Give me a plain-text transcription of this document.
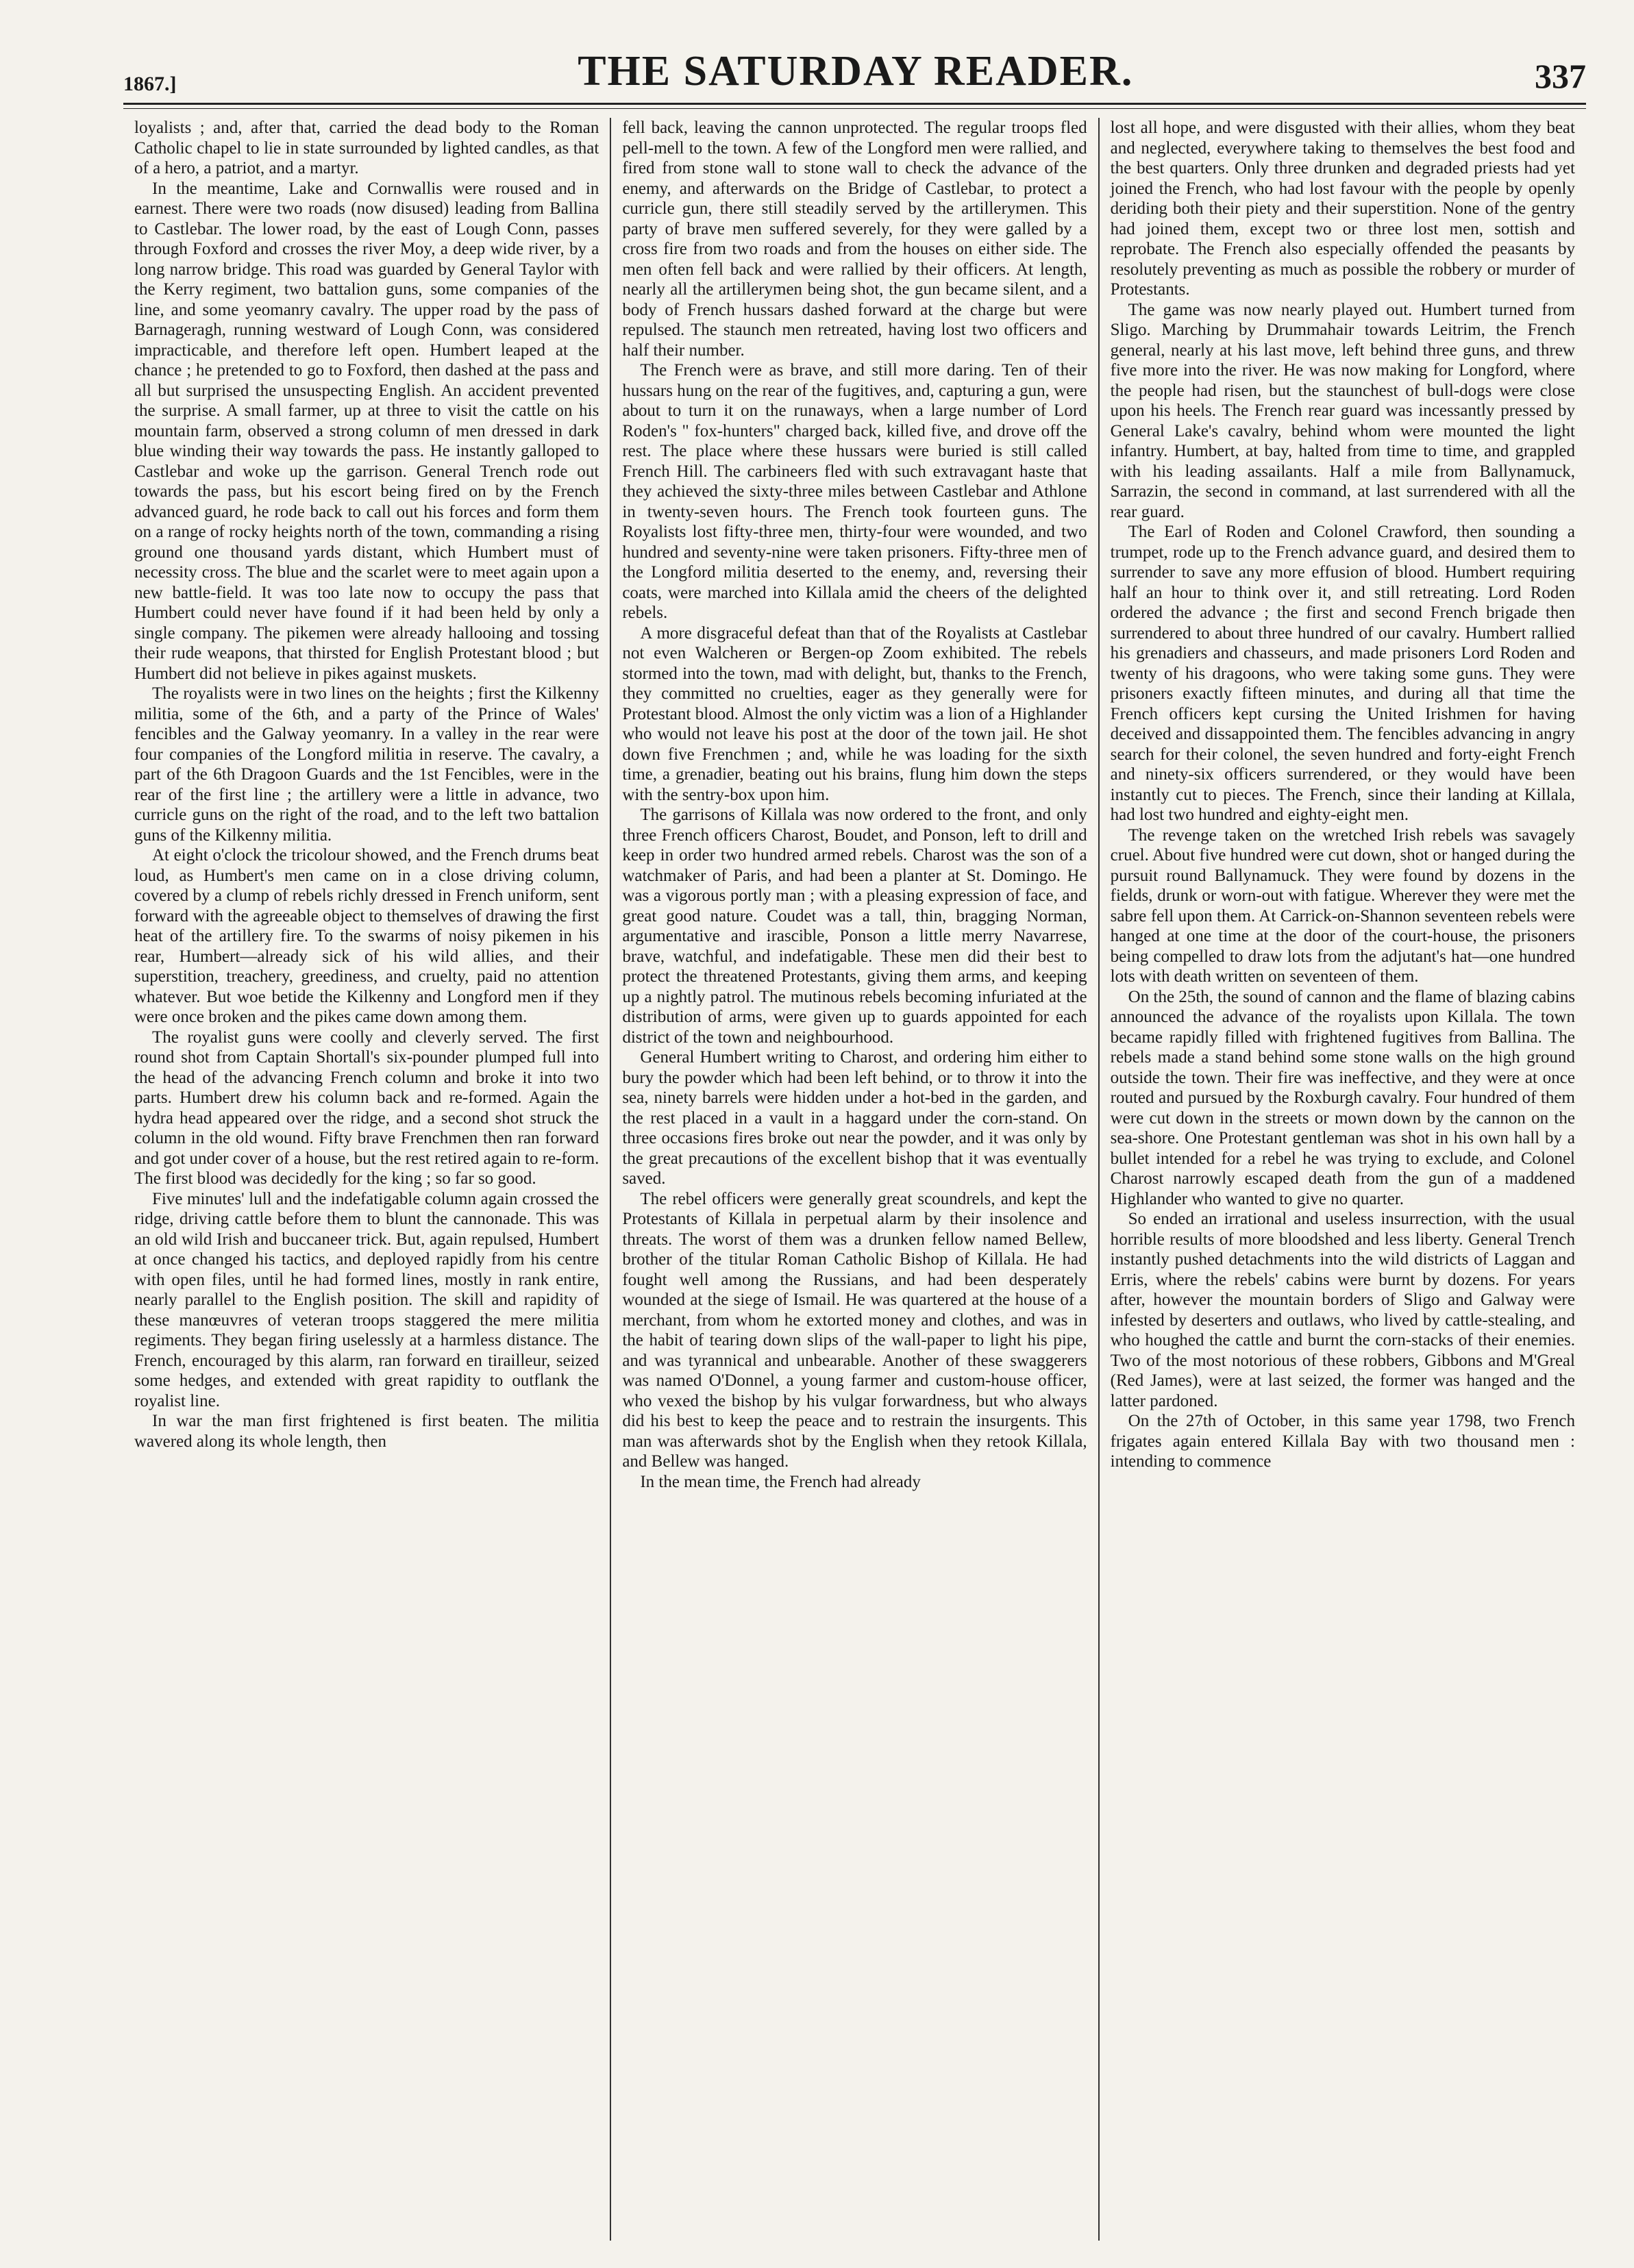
1867.]	THE SATURDAY READER.	337

loyalists ; and, after that, carried the dead body to the Roman Catholic chapel to lie in state surrounded by lighted candles, as that of a hero, a patriot, and a martyr.

In the meantime, Lake and Cornwallis were roused and in earnest. There were two roads (now disused) leading from Ballina to Castlebar. The lower road, by the east of Lough Conn, passes through Foxford and crosses the river Moy, a deep wide river, by a long narrow bridge. This road was guarded by General Taylor with the Kerry regiment, two battalion guns, some companies of the line, and some yeomanry cavalry. The upper road by the pass of Barnageragh, running westward of Lough Conn, was considered impracticable, and therefore left open. Humbert leaped at the chance ; he pretended to go to Foxford, then dashed at the pass and all but surprised the unsuspecting English. An accident prevented the surprise. A small farmer, up at three to visit the cattle on his mountain farm, observed a strong column of men dressed in dark blue winding their way towards the pass. He instantly galloped to Castlebar and woke up the garrison. General Trench rode out towards the pass, but his escort being fired on by the French advanced guard, he rode back to call out his forces and form them on a range of rocky heights north of the town, commanding a rising ground one thousand yards distant, which Humbert must of necessity cross. The blue and the scarlet were to meet again upon a new battle-field. It was too late now to occupy the pass that Humbert could never have found if it had been held by only a single company. The pikemen were already hallooing and tossing their rude weapons, that thirsted for English Protestant blood ; but Humbert did not believe in pikes against muskets.

The royalists were in two lines on the heights ; first the Kilkenny militia, some of the 6th, and a party of the Prince of Wales' fencibles and the Galway yeomanry. In a valley in the rear were four companies of the Longford militia in reserve. The cavalry, a part of the 6th Dragoon Guards and the 1st Fencibles, were in the rear of the first line ; the artillery were a little in advance, two curricle guns on the right of the road, and to the left two battalion guns of the Kilkenny militia.

At eight o'clock the tricolour showed, and the French drums beat loud, as Humbert's men came on in a close driving column, covered by a clump of rebels richly dressed in French uniform, sent forward with the agreeable object to themselves of drawing the first heat of the artillery fire. To the swarms of noisy pikemen in his rear, Humbert—already sick of his wild allies, and their superstition, treachery, greediness, and cruelty, paid no attention whatever. But woe betide the Kilkenny and Longford men if they were once broken and the pikes came down among them.

The royalist guns were coolly and cleverly served. The first round shot from Captain Shortall's six-pounder plumped full into the head of the advancing French column and broke it into two parts. Humbert drew his column back and re-formed. Again the hydra head appeared over the ridge, and a second shot struck the column in the old wound. Fifty brave Frenchmen then ran forward and got under cover of a house, but the rest retired again to re-form. The first blood was decidedly for the king ; so far so good.

Five minutes' lull and the indefatigable column again crossed the ridge, driving cattle before them to blunt the cannonade. This was an old wild Irish and buccaneer trick. But, again repulsed, Humbert at once changed his tactics, and deployed rapidly from his centre with open files, until he had formed lines, mostly in rank entire, nearly parallel to the English position. The skill and rapidity of these manœuvres of veteran troops staggered the mere militia regiments. They began firing uselessly at a harmless distance. The French, encouraged by this alarm, ran forward en tirailleur, seized some hedges, and extended with great rapidity to outflank the royalist line.

In war the man first frightened is first beaten. The militia wavered along its whole length, then

fell back, leaving the cannon unprotected. The regular troops fled pell-mell to the town. A few of the Longford men were rallied, and fired from stone wall to stone wall to check the advance of the enemy, and afterwards on the Bridge of Castlebar, to protect a curricle gun, there still steadily served by the artillerymen. This party of brave men suffered severely, for they were galled by a cross fire from two roads and from the houses on either side. The men often fell back and were rallied by their officers. At length, nearly all the artillerymen being shot, the gun became silent, and a body of French hussars dashed forward at the charge but were repulsed. The staunch men retreated, having lost two officers and half their number.

The French were as brave, and still more daring. Ten of their hussars hung on the rear of the fugitives, and, capturing a gun, were about to turn it on the runaways, when a large number of Lord Roden's " fox-hunters" charged back, killed five, and drove off the rest. The place where these hussars were buried is still called French Hill. The carbineers fled with such extravagant haste that they achieved the sixty-three miles between Castlebar and Athlone in twenty-seven hours. The French took fourteen guns. The Royalists lost fifty-three men, thirty-four were wounded, and two hundred and seventy-nine were taken prisoners. Fifty-three men of the Longford militia deserted to the enemy, and, reversing their coats, were marched into Killala amid the cheers of the delighted rebels.

A more disgraceful defeat than that of the Royalists at Castlebar not even Walcheren or Bergen-op Zoom exhibited. The rebels stormed into the town, mad with delight, but, thanks to the French, they committed no cruelties, eager as they generally were for Protestant blood. Almost the only victim was a lion of a Highlander who would not leave his post at the door of the town jail. He shot down five Frenchmen ; and, while he was loading for the sixth time, a grenadier, beating out his brains, flung him down the steps with the sentry-box upon him.

The garrisons of Killala was now ordered to the front, and only three French officers Charost, Boudet, and Ponson, left to drill and keep in order two hundred armed rebels. Charost was the son of a watchmaker of Paris, and had been a planter at St. Domingo. He was a vigorous portly man ; with a pleasing expression of face, and great good nature. Coudet was a tall, thin, bragging Norman, argumentative and irascible, Ponson a little merry Navarrese, brave, watchful, and indefatigable. These men did their best to protect the threatened Protestants, giving them arms, and keeping up a nightly patrol. The mutinous rebels becoming infuriated at the distribution of arms, were given up to guards appointed for each district of the town and neighbourhood.

General Humbert writing to Charost, and ordering him either to bury the powder which had been left behind, or to throw it into the sea, ninety barrels were hidden under a hot-bed in the garden, and the rest placed in a vault in a haggard under the corn-stand. On three occasions fires broke out near the powder, and it was only by the great precautions of the excellent bishop that it was eventually saved.

The rebel officers were generally great scoundrels, and kept the Protestants of Killala in perpetual alarm by their insolence and threats. The worst of them was a drunken fellow named Bellew, brother of the titular Roman Catholic Bishop of Killala. He had fought well among the Russians, and had been desperately wounded at the siege of Ismail. He was quartered at the house of a merchant, from whom he extorted money and clothes, and was in the habit of tearing down slips of the wall-paper to light his pipe, and was tyrannical and unbearable. Another of these swaggerers was named O'Donnel, a young farmer and custom-house officer, who vexed the bishop by his vulgar forwardness, but who always did his best to keep the peace and to restrain the insurgents. This man was afterwards shot by the English when they retook Killala, and Bellew was hanged.

In the mean time, the French had already

lost all hope, and were disgusted with their allies, whom they beat and neglected, everywhere taking to themselves the best food and the best quarters. Only three drunken and degraded priests had yet joined the French, who had lost favour with the people by openly deriding both their piety and their superstition. None of the gentry had joined them, except two or three lost men, sottish and reprobate. The French also especially offended the peasants by resolutely preventing as much as possible the robbery or murder of Protestants.

The game was now nearly played out. Humbert turned from Sligo. Marching by Drummahair towards Leitrim, the French general, nearly at his last move, left behind three guns, and threw five more into the river. He was now making for Longford, where the people had risen, but the staunchest of bull-dogs were close upon his heels. The French rear guard was incessantly pressed by General Lake's cavalry, behind whom were mounted the light infantry. Humbert, at bay, halted from time to time, and grappled with his leading assailants. Half a mile from Ballynamuck, Sarrazin, the second in command, at last surrendered with all the rear guard.

The Earl of Roden and Colonel Crawford, then sounding a trumpet, rode up to the French advance guard, and desired them to surrender to save any more effusion of blood. Humbert requiring half an hour to think over it, and still retreating. Lord Roden ordered the advance ; the first and second French brigade then surrendered to about three hundred of our cavalry. Humbert rallied his grenadiers and chasseurs, and made prisoners Lord Roden and twenty of his dragoons, who were taking some guns. They were prisoners exactly fifteen minutes, and during all that time the French officers kept cursing the United Irishmen for having deceived and dissappointed them. The fencibles advancing in angry search for their colonel, the seven hundred and forty-eight French and ninety-six officers surrendered, or they would have been instantly cut to pieces. The French, since their landing at Killala, had lost two hundred and eighty-eight men.

The revenge taken on the wretched Irish rebels was savagely cruel. About five hundred were cut down, shot or hanged during the pursuit round Ballynamuck. They were found by dozens in the fields, drunk or worn-out with fatigue. Wherever they were met the sabre fell upon them. At Carrick-on-Shannon seventeen rebels were hanged at one time at the door of the court-house, the prisoners being compelled to draw lots from the adjutant's hat—one hundred lots with death written on seventeen of them.

On the 25th, the sound of cannon and the flame of blazing cabins announced the advance of the royalists upon Killala. The town became rapidly filled with frightened fugitives from Ballina. The rebels made a stand behind some stone walls on the high ground outside the town. Their fire was ineffective, and they were at once routed and pursued by the Roxburgh cavalry. Four hundred of them were cut down in the streets or mown down by the cannon on the sea-shore. One Protestant gentleman was shot in his own hall by a bullet intended for a rebel he was trying to exclude, and Colonel Charost narrowly escaped death from the gun of a maddened Highlander who wanted to give no quarter.

So ended an irrational and useless insurrection, with the usual horrible results of more bloodshed and less liberty. General Trench instantly pushed detachments into the wild districts of Laggan and Erris, where the rebels' cabins were burnt by dozens. For years after, however the mountain borders of Sligo and Galway were infested by deserters and outlaws, who lived by cattle-stealing, and who houghed the cattle and burnt the corn-stacks of their enemies. Two of the most notorious of these robbers, Gibbons and M'Greal (Red James), were at last seized, the former was hanged and the latter pardoned.

On the 27th of October, in this same year 1798, two French frigates again entered Killala Bay with two thousand men : intending to commence
